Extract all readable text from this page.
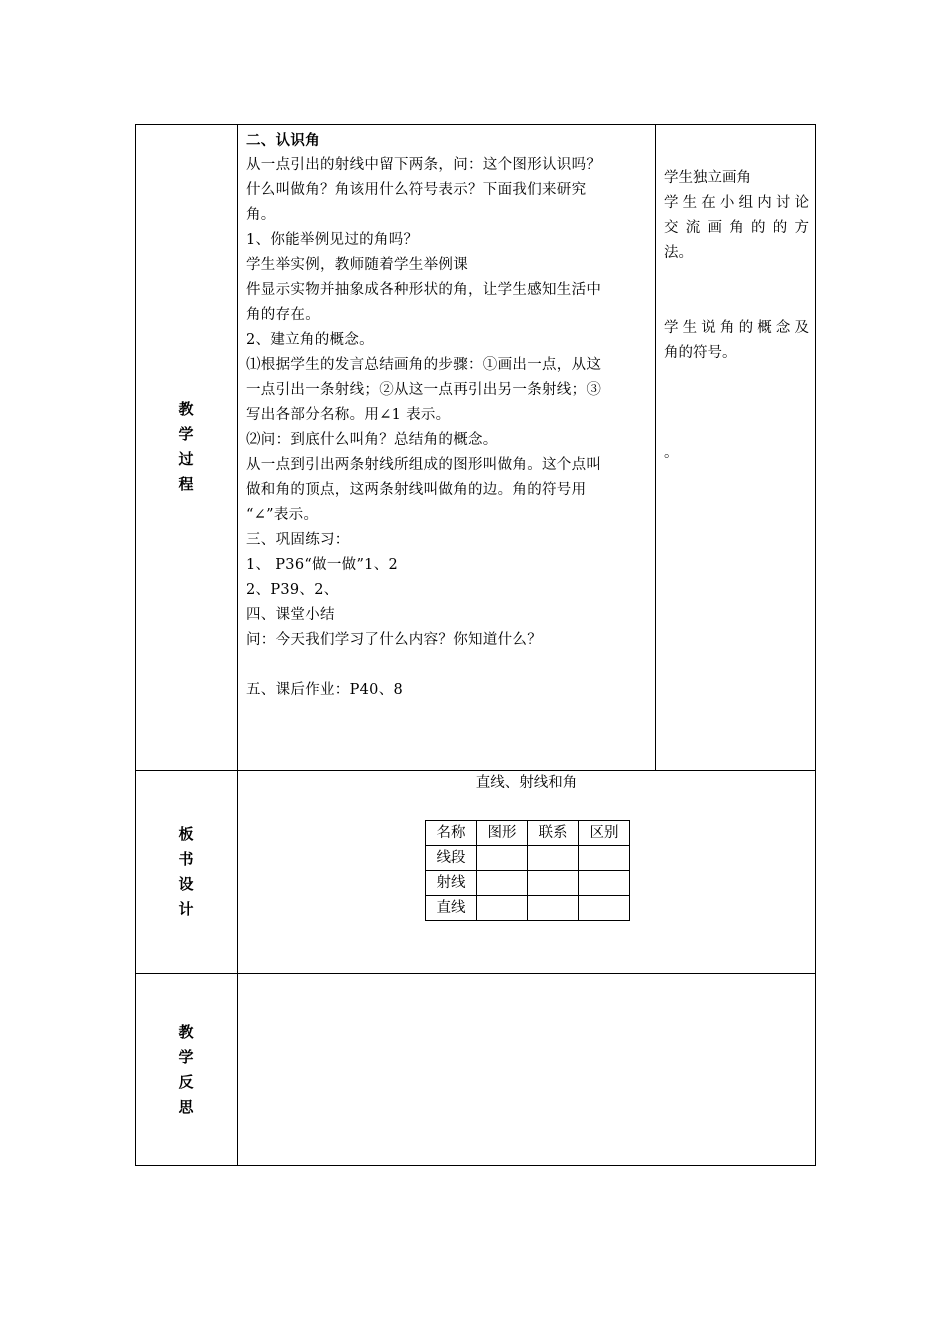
教
学
过
程
板
书
设
计
教
学
反
思
二、认识角
从一点引出的射线中留下两条，问：这个图形认识吗？
什么叫做角？角该用什么符号表示？下面我们来研究
角。
1、你能举例见过的角吗？
学生举实例，教师随着学生举例课
件显示实物并抽象成各种形状的角，让学生感知生活中
角的存在。
2、建立角的概念。
⑴根据学生的发言总结画角的步骤：①画出一点，从这
一点引出一条射线；②从这一点再引出另一条射线；③
写出各部分名称。用∠1 表示。
⑵问：到底什么叫角？总结角的概念。
从一点到引出两条射线所组成的图形叫做角。这个点叫
做和角的顶点，这两条射线叫做角的边。角的符号用
“∠”表示。
三、巩固练习：
1、 P36“做一做”1、2
2、P39、2、
四、课堂小结
问：今天我们学习了什么内容？你知道什么？
五、课后作业：P40、8
学生独立画角
学生在小组内讨论
交流画角的的方
法。
学生说角的概念及
角的符号。
。
直线、射线和角
名称	图形	联系	区别
线段			
射线			
直线			
